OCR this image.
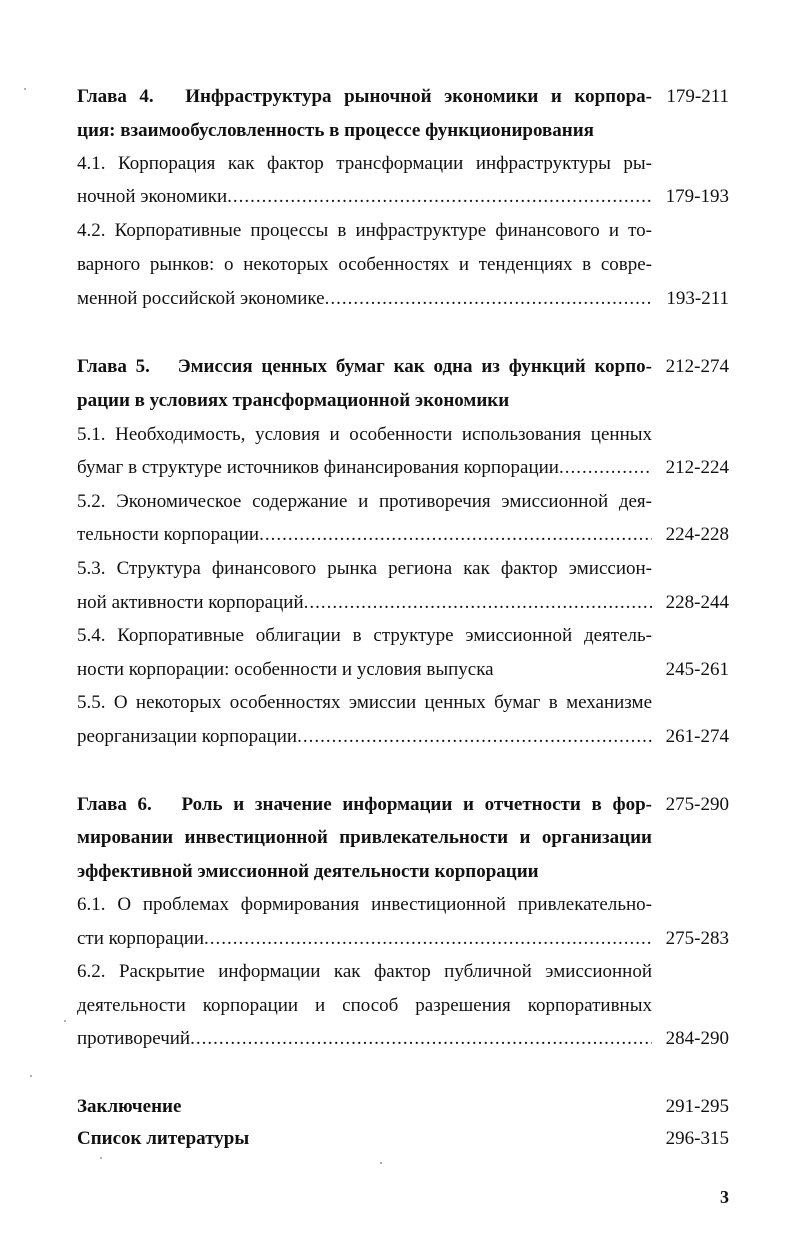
Глава 4.  Инфраструктура рыночной экономики и корпора- 179-211
ция: взаимообусловленность в процессе функционирования
4.1. Корпорация как фактор трансформации инфраструктуры ры-
ночной экономики .....	179-193
4.2. Корпоративные процессы в инфраструктуре финансового и то-
варного рынков: о некоторых особенностях и тенденциях в совре-
менной российской экономике .....	193-211
Глава 5.  Эмиссия ценных бумаг как одна из функций корпо- 212-274
рации в условиях трансформационной экономики
5.1. Необходимость, условия и особенности использования ценных
бумаг в структуре источников финансирования корпорации .....	212-224
5.2. Экономическое содержание и противоречия эмиссионной дея-
тельности корпорации .....	224-228
5.3. Структура финансового рынка региона как фактор эмиссион-
ной активности корпораций .....	228-244
5.4. Корпоративные облигации в структуре эмиссионной деятель-
ности корпорации: особенности и условия выпуска	245-261
5.5. О некоторых особенностях эмиссии ценных бумаг в механизме
реорганизации корпорации .....	261-274
Глава 6.  Роль и значение информации и отчетности в фор- 275-290
мировании инвестиционной привлекательности и организации
эффективной эмиссионной деятельности корпорации
6.1. О проблемах формирования инвестиционной привлекательно-
сти корпорации .....	275-283
6.2. Раскрытие информации как фактор публичной эмиссионной
деятельности корпорации и способ разрешения корпоративных
противоречий .....	284-290
Заключение	291-295
Список литературы	296-315
3
